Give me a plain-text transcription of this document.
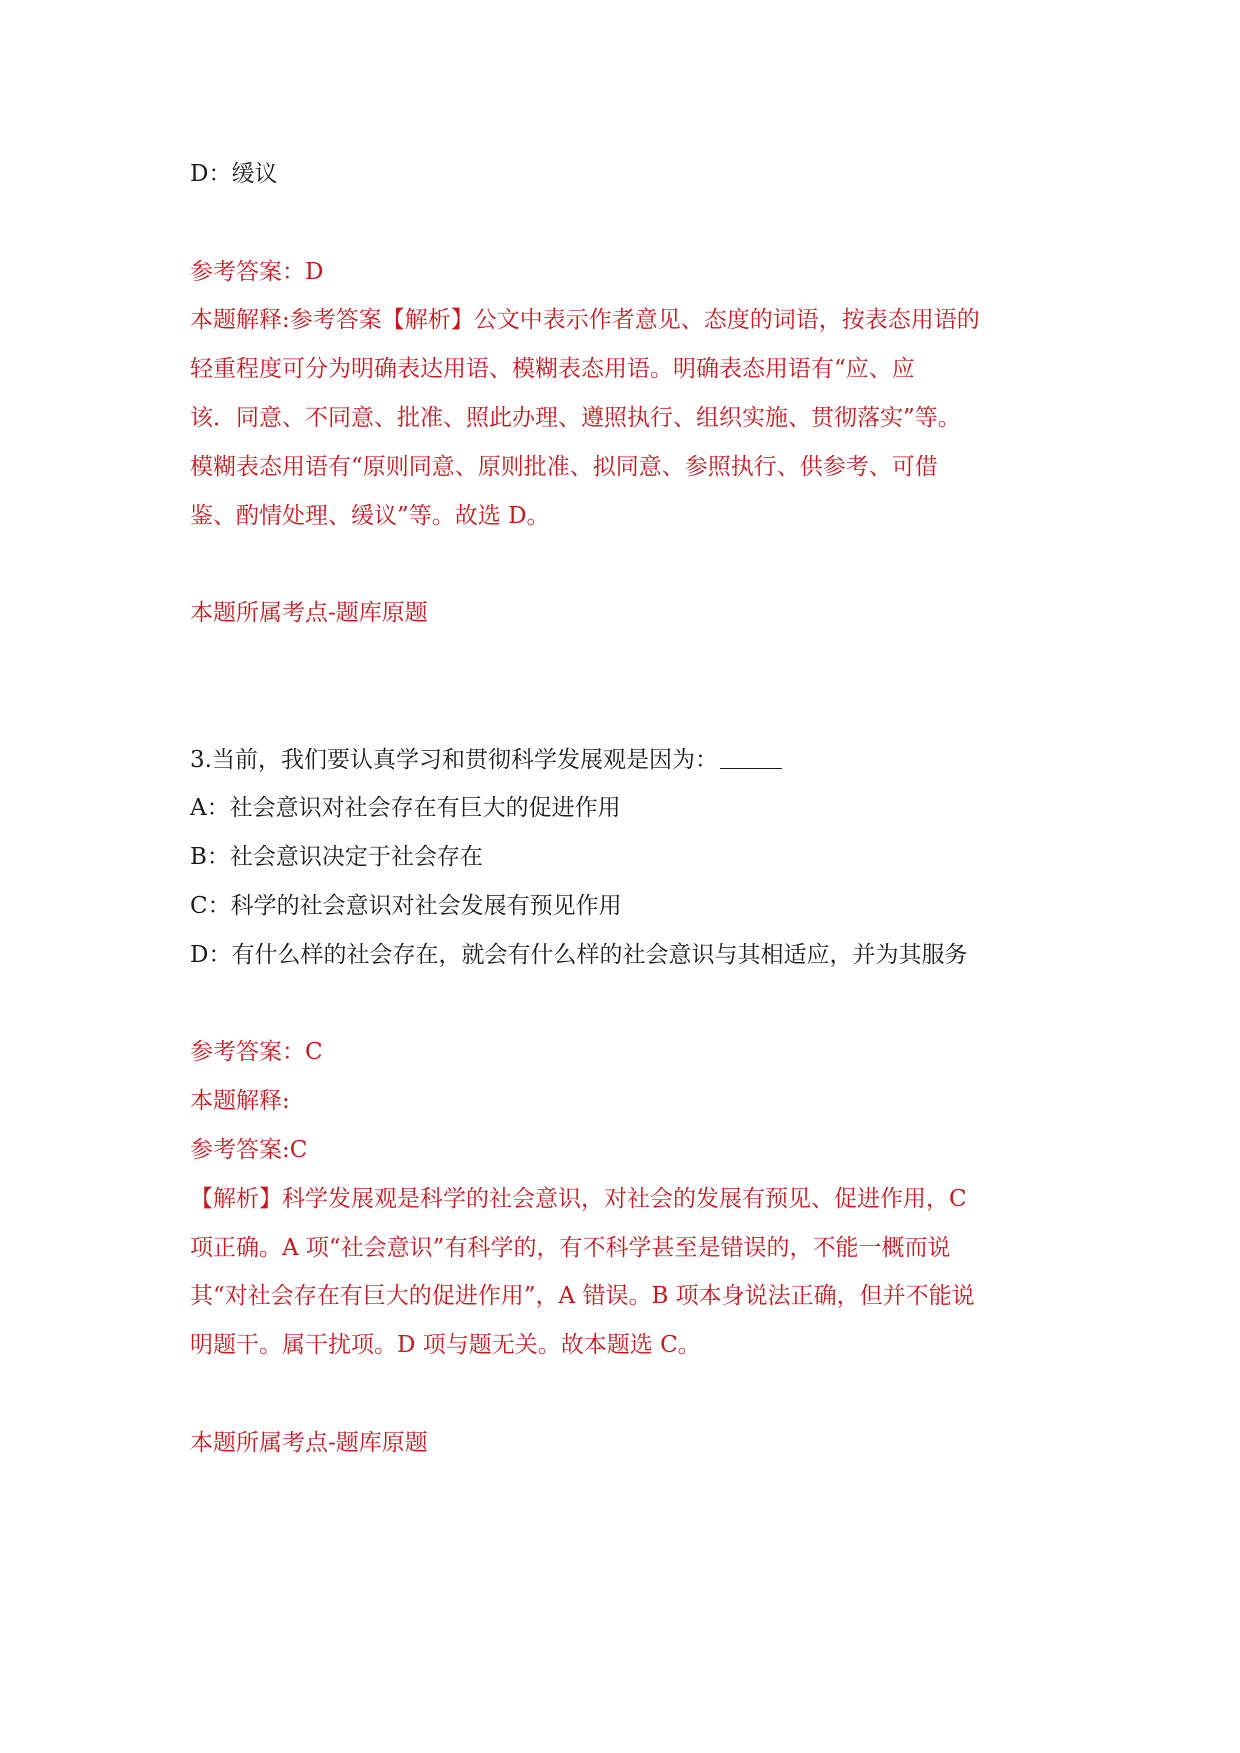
D：缓议

参考答案：D

本题解释:参考答案【解析】公文中表示作者意见、态度的词语，按表态用语的

轻重程度可分为明确表达用语、模糊表态用语。明确表态用语有“应、应

该．同意、不同意、批准、照此办理、遵照执行、组织实施、贯彻落实”等。

模糊表态用语有“原则同意、原则批准、拟同意、参照执行、供参考、可借

鉴、酌情处理、缓议”等。故选 D。

本题所属考点-题库原题

3.当前，我们要认真学习和贯彻科学发展观是因为：

A：社会意识对社会存在有巨大的促进作用

B：社会意识决定于社会存在

C：科学的社会意识对社会发展有预见作用

D：有什么样的社会存在，就会有什么样的社会意识与其相适应，并为其服务

参考答案：C

本题解释:

参考答案:C

【解析】科学发展观是科学的社会意识，对社会的发展有预见、促进作用，C

项正确。A 项“社会意识”有科学的，有不科学甚至是错误的，不能一概而说

其“对社会存在有巨大的促进作用”，A 错误。B 项本身说法正确，但并不能说

明题干。属干扰项。D 项与题无关。故本题选 C。

本题所属考点-题库原题
